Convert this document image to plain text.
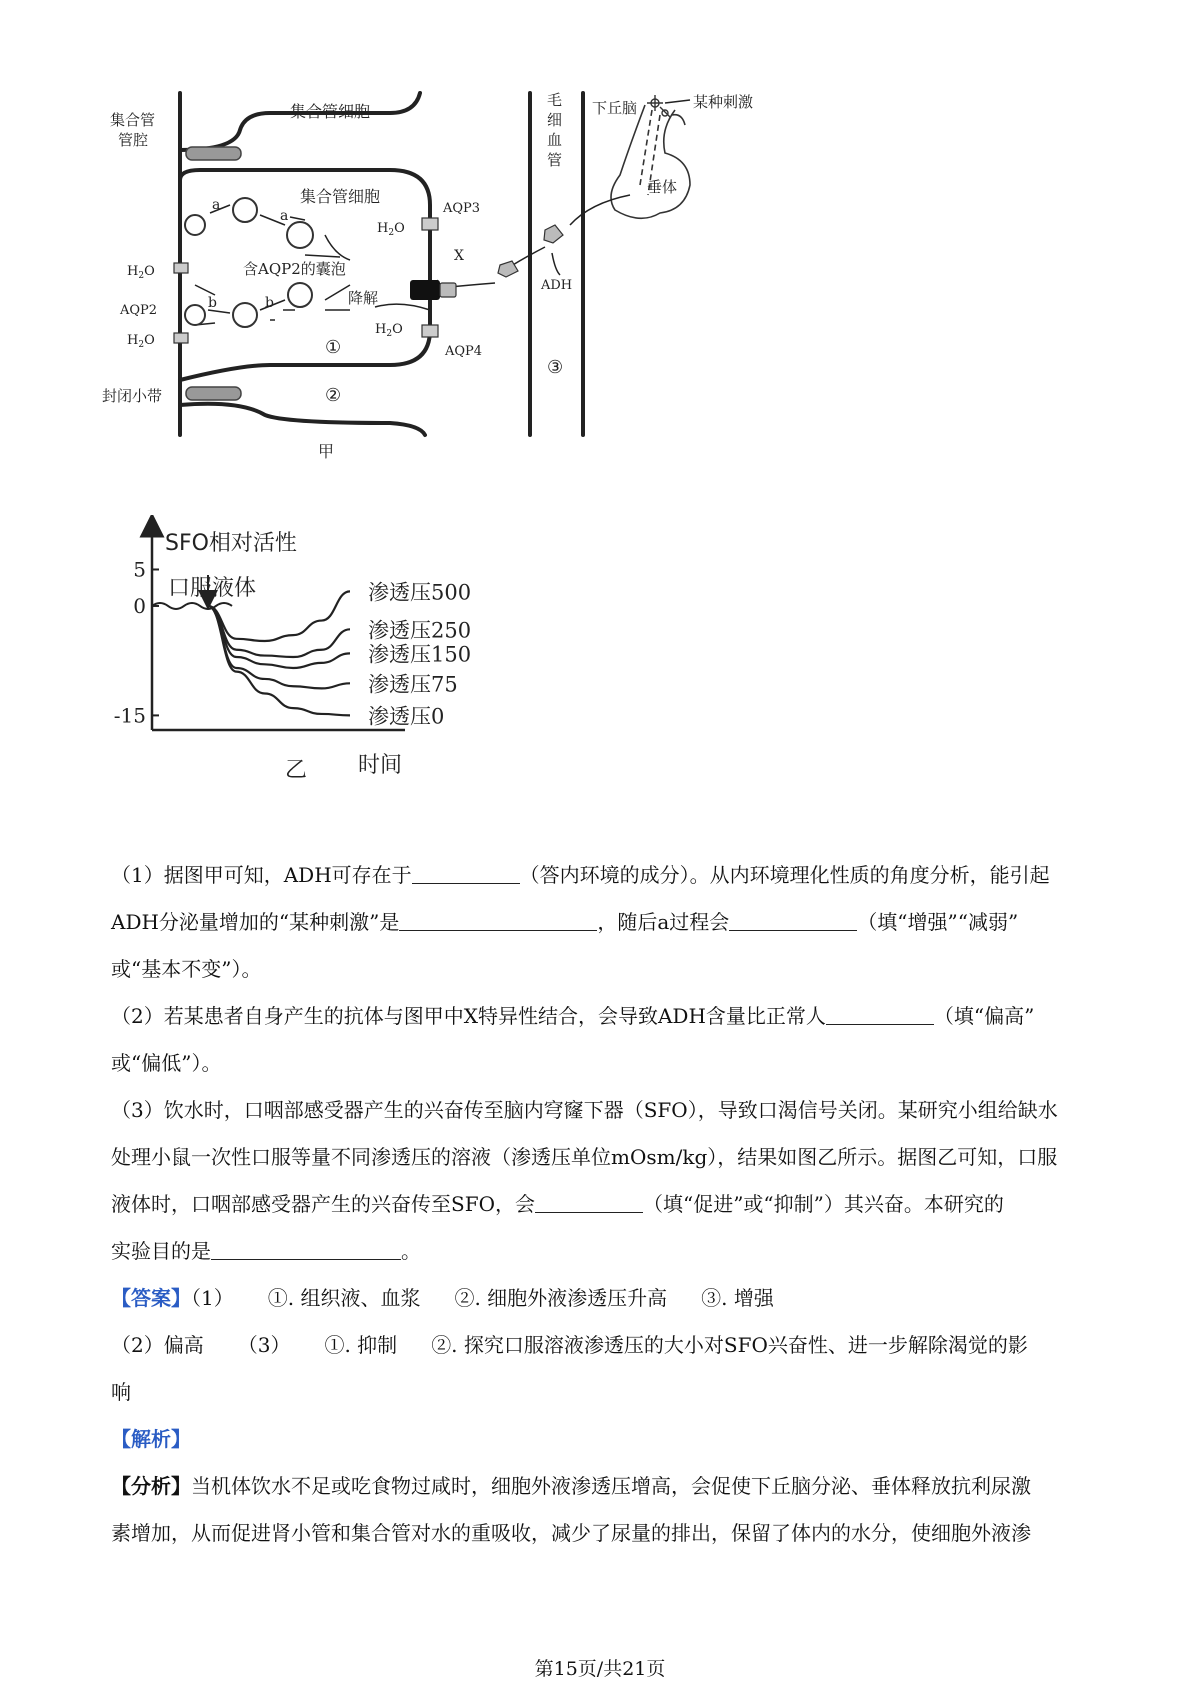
集合管管腔
集合管细胞
集合管细胞
毛细血管
下丘脑	某种刺激
垂体
$H_2O$
AQP3
X
ADH
$H_2O$
AQP4
$H_2O$
AQP2
$H_2O$
a
a
b	b
含AQP2的囊泡
降解
①
②
③
封闭小带
甲
5
0
-15
渗透压500
渗透压250
渗透压150
渗透压75
渗透压0
SFO相对活性
口服液体
时间
乙

（1）据图甲可知，ADH可存在于	（答内环境的成分）。从内环境理化性质的角度分析，能引起

ADH分泌量增加的“某种刺激”是	，随后a过程会	（填“增强”“减弱”

或“基本不变”）。

（2）若某患者自身产生的抗体与图甲中X特异性结合，会导致ADH含量比正常人	（填“偏高”

或“偏低”）。

（3）饮水时，口咽部感受器产生的兴奋传至脑内穹窿下器（SFO），导致口渴信号关闭。某研究小组给缺水

处理小鼠一次性口服等量不同渗透压的溶液（渗透压单位mOsm/kg），结果如图乙所示。据图乙可知，口服

液体时，口咽部感受器产生的兴奋传至SFO，会	（填“促进”或“抑制”）其兴奋。本研究的

实验目的是	。

【答案】（1） ①. 组织液、血浆 ②. 细胞外液渗透压升高 ③. 增强

（2）偏高 （3） ①. 抑制 ②. 探究口服溶液渗透压的大小对SFO兴奋性、进一步解除渴觉的影

响

【解析】

【分析】当机体饮水不足或吃食物过咸时，细胞外液渗透压增高，会促使下丘脑分泌、垂体释放抗利尿激

素增加，从而促进肾小管和集合管对水的重吸收，减少了尿量的排出，保留了体内的水分，使细胞外液渗

第15页/共21页
